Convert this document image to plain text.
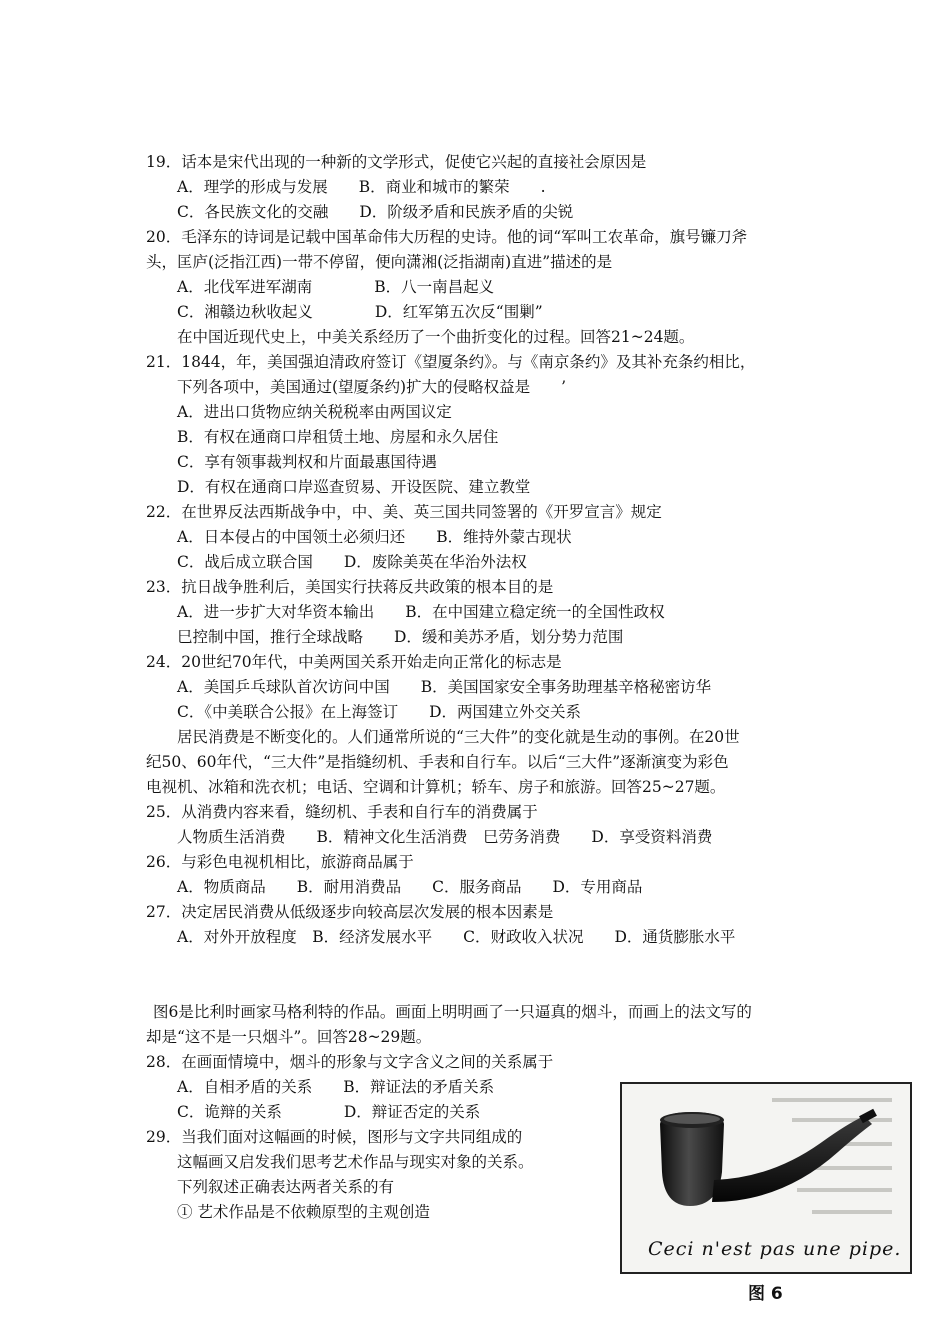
19．话本是宋代出现的一种新的文学形式，促使它兴起的直接社会原因是
A．理学的形成与发展　　B．商业和城市的繁荣　　.
C．各民族文化的交融　　D．阶级矛盾和民族矛盾的尖锐
20．毛泽东的诗词是记载中国革命伟大历程的史诗。他的词“军叫工农革命，旗号镰刀斧
头，匡庐(泛指江西)一带不停留，便向潇湘(泛指湖南)直进”描述的是
A．北伐军进军湖南　　　　B．八一南昌起义
C．湘赣边秋收起义　　　　D．红军第五次反“围剿”
在中国近现代史上，中美关系经历了一个曲折变化的过程。回答21~24题。
21．1844，年，美国强迫清政府签订《望厦条约》。与《南京条约》及其补充条约相比，
下列各项中，美国通过(望厦条约)扩大的侵略权益是　　’
A．进出口货物应纳关税税率由两国议定
B．有权在通商口岸租赁土地、房屋和永久居住
C．享有领事裁判权和片面最惠国待遇
D．有权在通商口岸巡查贸易、开设医院、建立教堂
22．在世界反法西斯战争中，中、美、英三国共同签署的《开罗宣言》规定
A．日本侵占的中国领土必须归还　　B．维持外蒙古现状
C．战后成立联合国　　D．废除美英在华治外法权
23．抗日战争胜利后，美国实行扶蒋反共政策的根本目的是
A．进一步扩大对华资本输出　　B．在中国建立稳定统一的全国性政权
巳控制中国，推行全球战略　　D．缓和美苏矛盾，划分势力范围
24．20世纪70年代，中美两国关系开始走向正常化的标志是
A．美国乒乓球队首次访问中国　　B．美国国家安全事务助理基辛格秘密访华
C．《中美联合公报》在上海签订　　D．两国建立外交关系
居民消费是不断变化的。人们通常所说的“三大件”的变化就是生动的事例。在20世
纪50、60年代，“三大件”是指缝纫机、手表和自行车。以后“三大件”逐渐演变为彩色
电视机、冰箱和洗衣机；电话、空调和计算机；轿车、房子和旅游。回答25~27题。
25．从消费内容来看，缝纫机、手表和自行车的消费属于
人物质生活消费　　B．精神文化生活消费　巳劳务消费　　D．享受资料消费
26．与彩色电视机相比，旅游商品属于
A．物质商品　　B．耐用消费品　　C．服务商品　　D．专用商品
27．决定居民消费从低级逐步向较高层次发展的根本因素是
A．对外开放程度　B．经济发展水平　　C．财政收入状况　　D．通货膨胀水平
图6是比利时画家马格利特的作品。画面上明明画了一只逼真的烟斗，而画上的法文写的
却是“这不是一只烟斗”。回答28~29题。
28．在画面情境中，烟斗的形象与文字含义之间的关系属于
A．自相矛盾的关系　　B．辩证法的矛盾关系
C．诡辩的关系　　　　D．辩证否定的关系
29．当我们面对这幅画的时候，图形与文字共同组成的
这幅画又启发我们思考艺术作品与现实对象的关系。
下列叙述正确表达两者关系的有
① 艺术作品是不依赖原型的主观创造
Ceci n'est pas une pipe.
图 6
